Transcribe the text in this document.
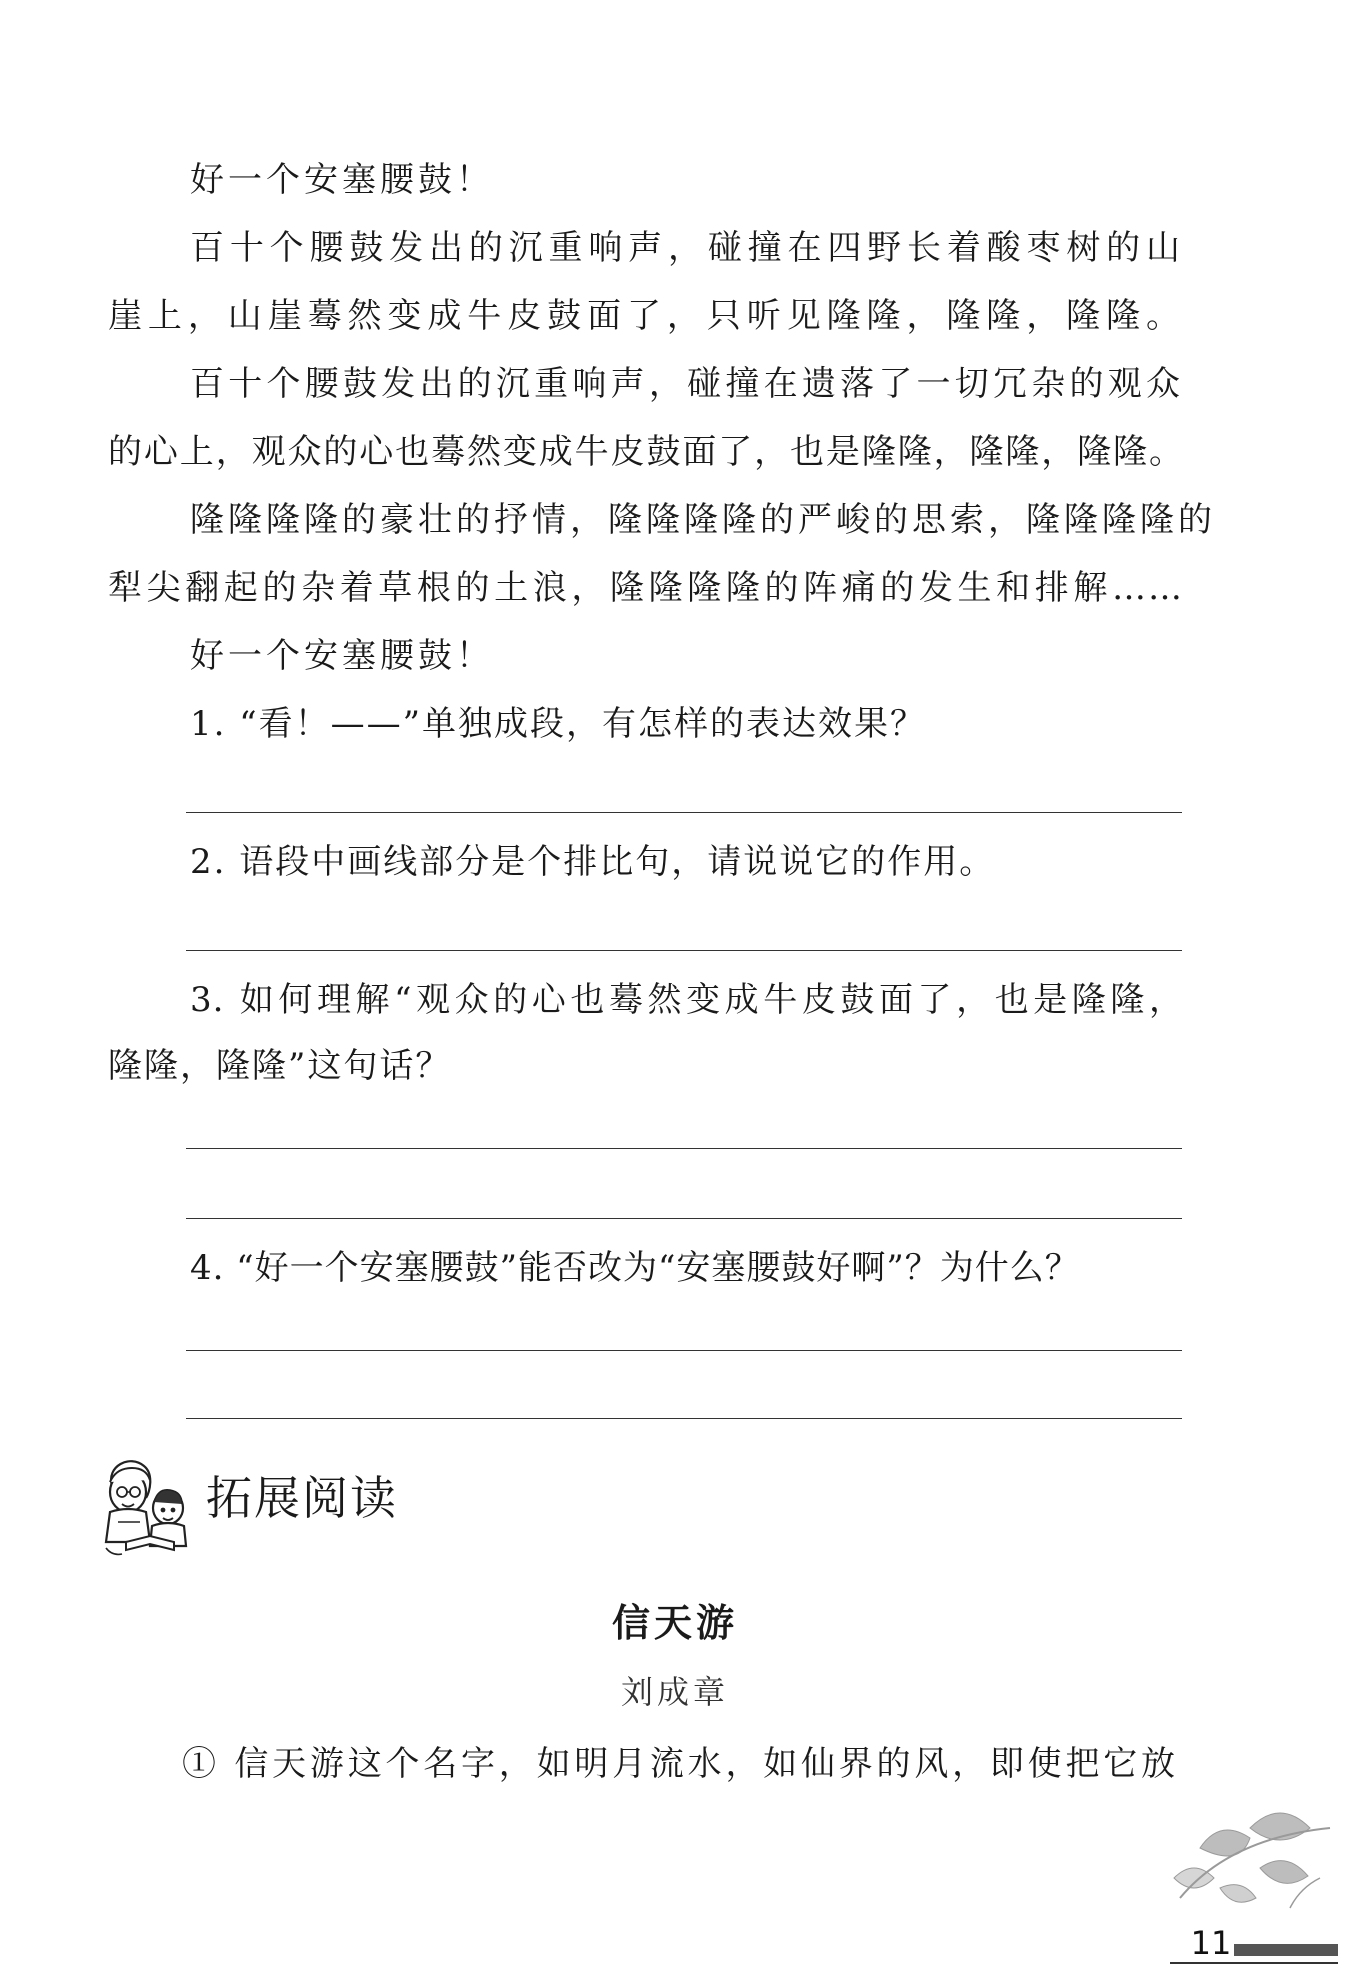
好一个安塞腰鼓！
百十个腰鼓发出的沉重响声，碰撞在四野长着酸枣树的山
崖上，山崖蓦然变成牛皮鼓面了，只听见隆隆，隆隆，隆隆。
百十个腰鼓发出的沉重响声，碰撞在遗落了一切冗杂的观众
的心上，观众的心也蓦然变成牛皮鼓面了，也是隆隆，隆隆，隆隆。
隆隆隆隆的豪壮的抒情，隆隆隆隆的严峻的思索，隆隆隆隆的
犁尖翻起的杂着草根的土浪，隆隆隆隆的阵痛的发生和排解……
好一个安塞腰鼓！
1. “看！——”单独成段，有怎样的表达效果？
2. 语段中画线部分是个排比句，请说说它的作用。
3. 如何理解“观众的心也蓦然变成牛皮鼓面了，也是隆隆，
隆隆，隆隆”这句话？
4. “好一个安塞腰鼓”能否改为“安塞腰鼓好啊”？为什么？
拓展阅读
信天游
刘成章
① 信天游这个名字，如明月流水，如仙界的风，即使把它放
11
